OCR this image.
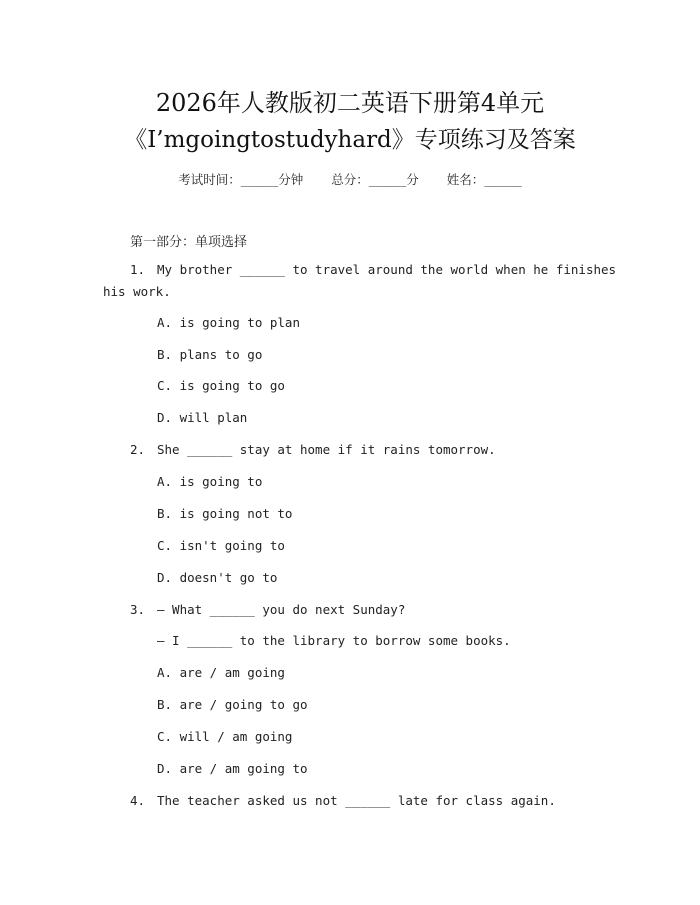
2026年人教版初二英语下册第4单元
《I’mgoingtostudyhard》专项练习及答案
考试时间：______分钟 总分：______分 姓名：______
第一部分：单项选择
1. My brother ______ to travel around the world when he finishes
his work.
A. is going to plan
B. plans to go
C. is going to go
D. will plan
2. She ______ stay at home if it rains tomorrow.
A. is going to
B. is going not to
C. isn't going to
D. doesn't go to
3. — What ______ you do next Sunday?
— I ______ to the library to borrow some books.
A. are / am going
B. are / going to go
C. will / am going
D. are / am going to
4. The teacher asked us not ______ late for class again.
